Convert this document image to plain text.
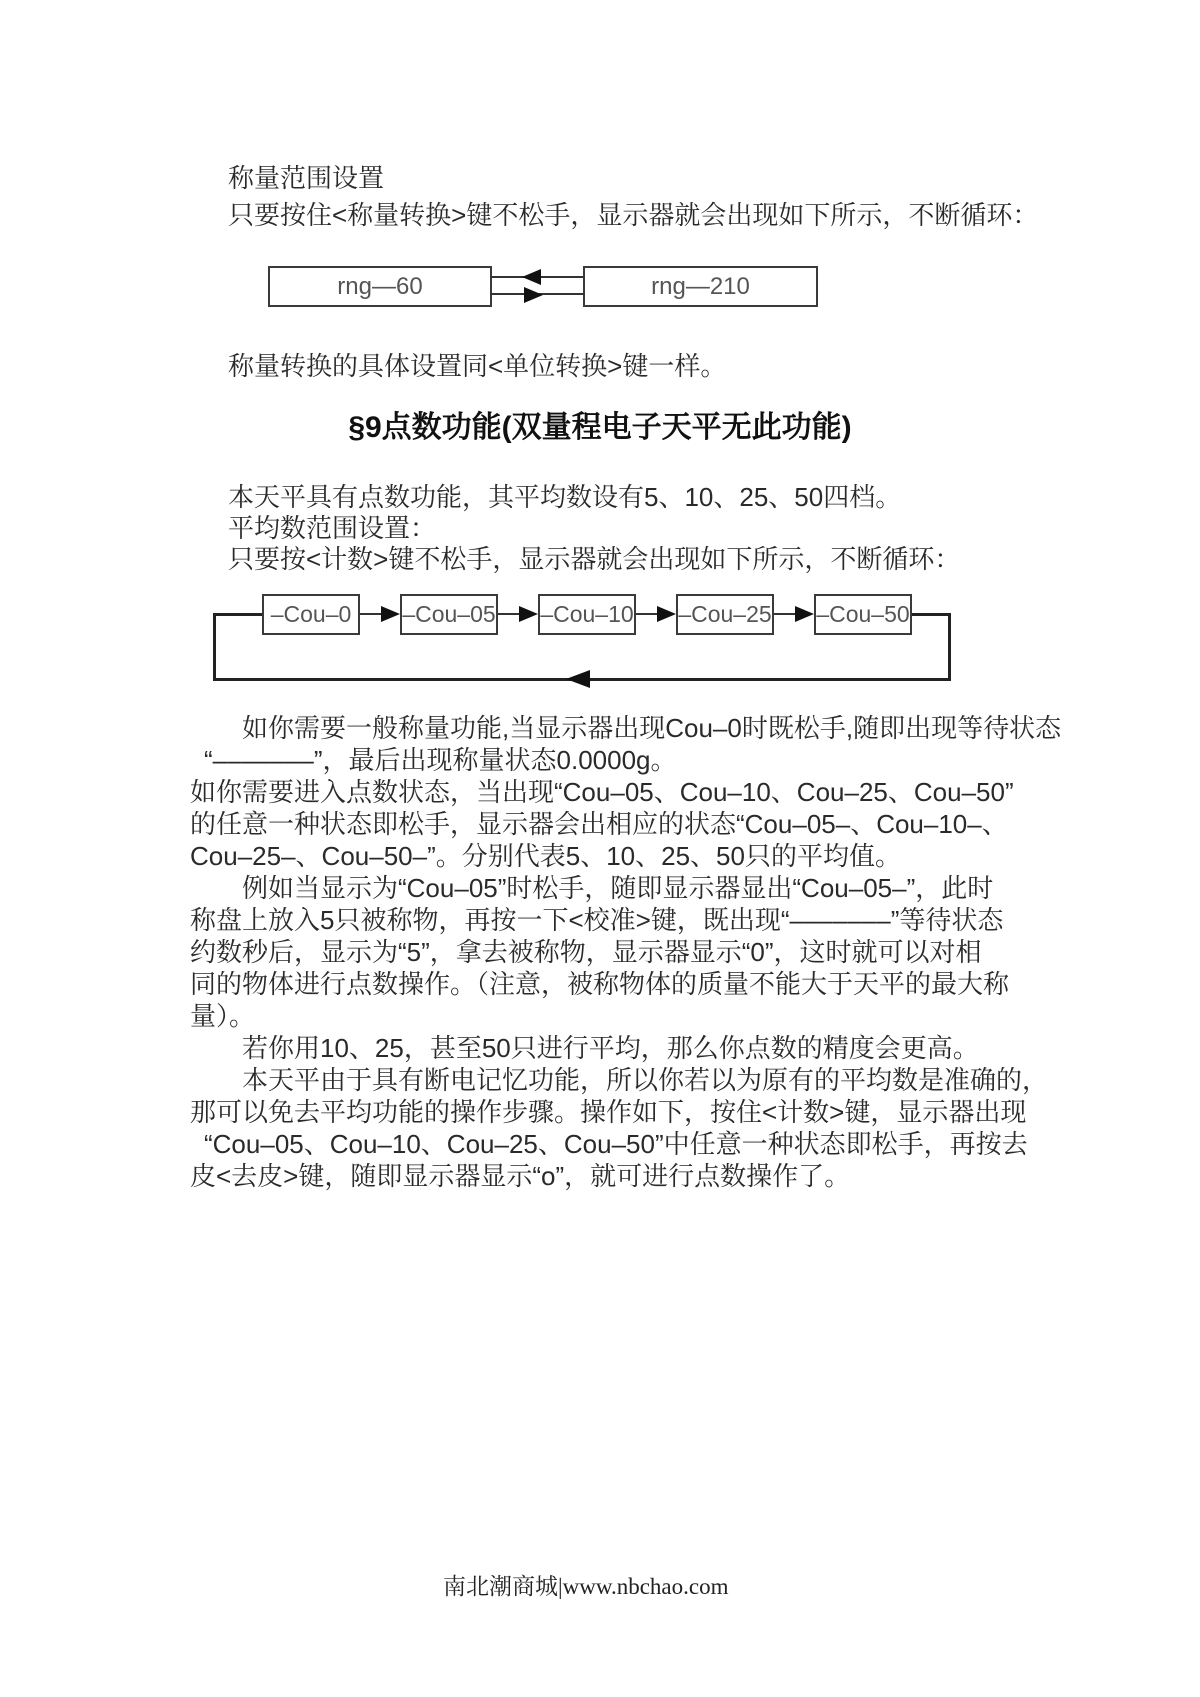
称量范围设置
只要按住<称量转换>键不松手，显示器就会出现如下所示，不断循环：
rng—60	rng—210
称量转换的具体设置同<单位转换>键一样。
§9点数功能(双量程电子天平无此功能)
本天平具有点数功能，其平均数设有5、10、25、50四档。
平均数范围设置：
只要按<计数>键不松手，显示器就会出现如下所示，不断循环：
–Cou–0	–Cou–05 –Cou–10 –Cou–25 –Cou–50
如你需要一般称量功能,当显示器出现Cou–0时既松手,随即出现等待状态
“–––––––”，最后出现称量状态0.0000g。
如你需要进入点数状态，当出现“Cou–05、Cou–10、Cou–25、Cou–50”
的任意一种状态即松手，显示器会出相应的状态“Cou–05–、Cou–10–、
Cou–25–、Cou–50–”。分别代表5、10、25、50只的平均值。
例如当显示为“Cou–05”时松手，随即显示器显出“Cou–05–”，此时
称盘上放入5只被称物，再按一下<校准>键，既出现“–––––––”等待状态
约数秒后，显示为“5”，拿去被称物，显示器显示“0”，这时就可以对相
同的物体进行点数操作。（注意，被称物体的质量不能大于天平的最大称
量）。
若你用10、25，甚至50只进行平均，那么你点数的精度会更高。
本天平由于具有断电记忆功能，所以你若以为原有的平均数是准确的，
那可以免去平均功能的操作步骤。操作如下，按住<计数>键，显示器出现
“Cou–05、Cou–10、Cou–25、Cou–50”中任意一种状态即松手，再按去
皮<去皮>键，随即显示器显示“o”，就可进行点数操作了。
南北潮商城|www.nbchao.com
